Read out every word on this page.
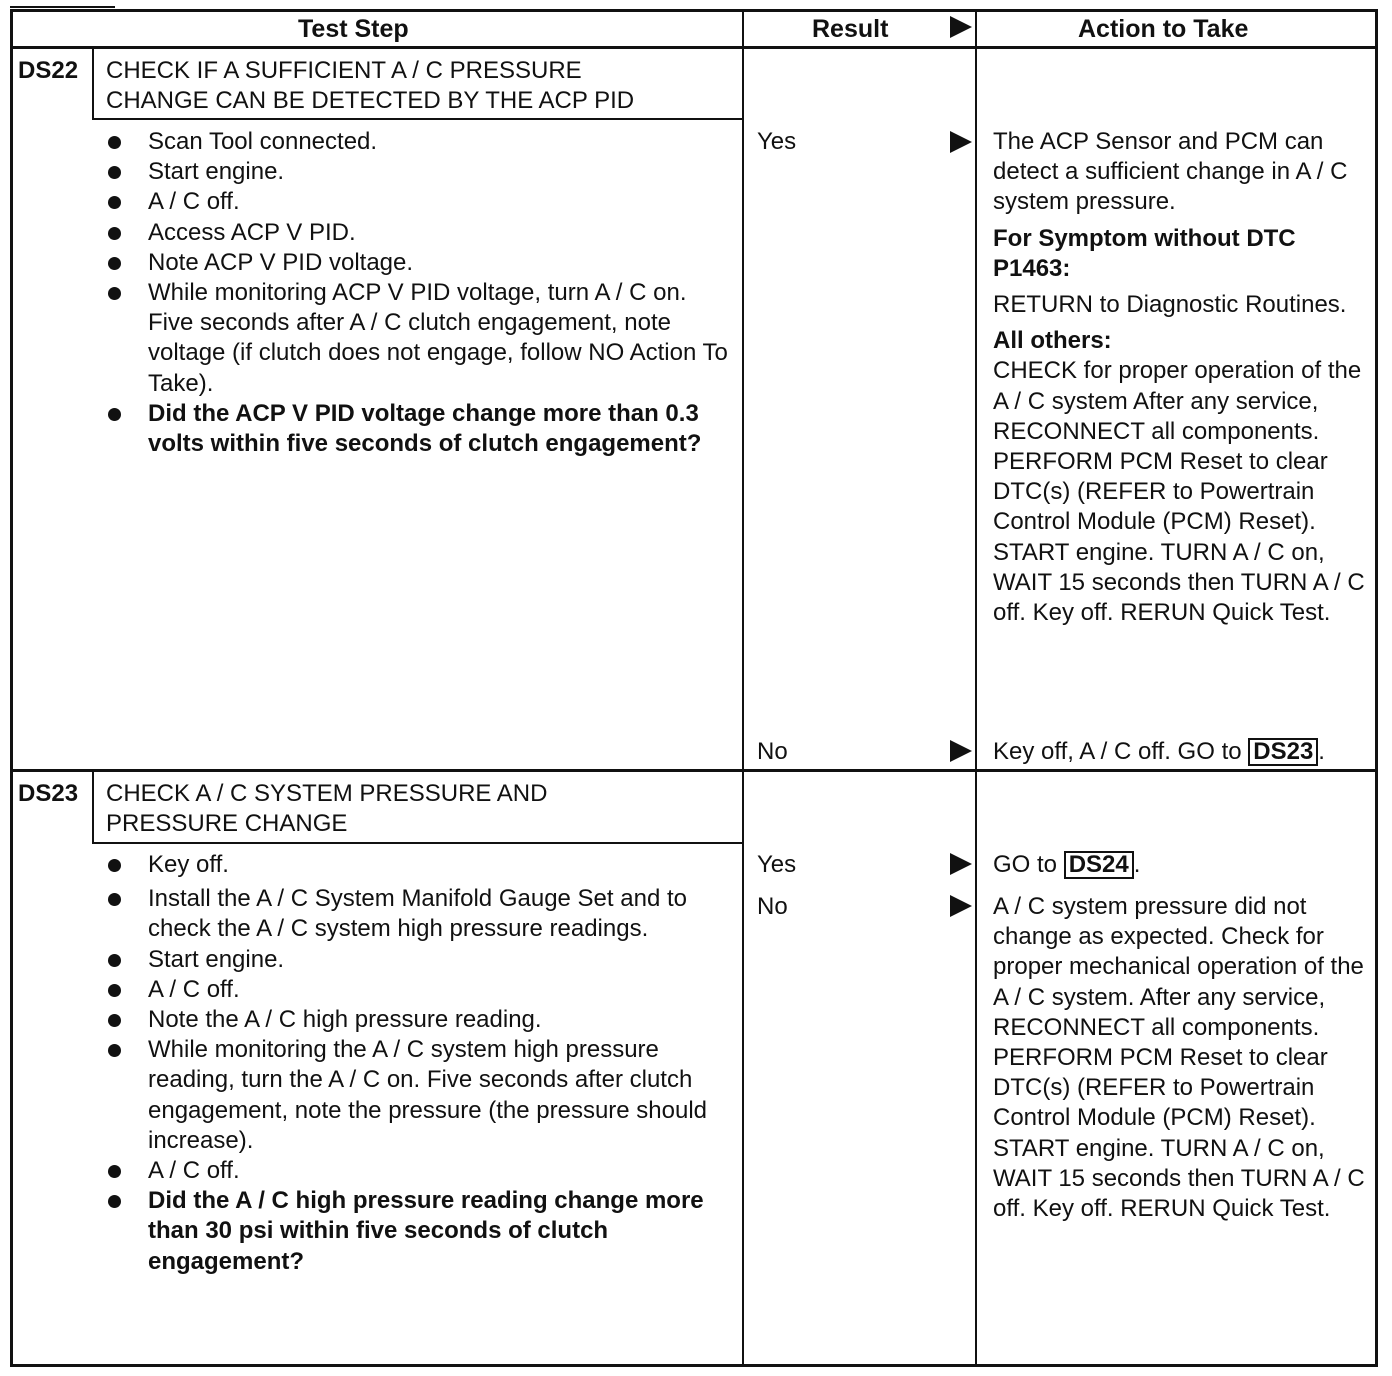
Test Step	Result	Action to Take
DS22 CHECK IF A SUFFICIENT A / C PRESSURE
CHANGE CAN BE DETECTED BY THE ACP PID
Scan Tool connected.
Start engine.
A / C off.
Access ACP V PID.
Note ACP V PID voltage.
While monitoring ACP V PID voltage, turn A / C on. Five seconds after A / C clutch engagement, note voltage (if clutch does not engage, follow NO Action To Take).
Did the ACP V PID voltage change more than 0.3 volts within five seconds of clutch engagement?
Yes
No
The ACP Sensor and PCM can detect a sufficient change in A / C system pressure.
For Symptom without DTC P1463:
RETURN to Diagnostic Routines.
All others:
CHECK for proper operation of the A / C system After any service, RECONNECT all components. PERFORM PCM Reset to clear DTC(s) (REFER to Powertrain Control Module (PCM) Reset). START engine. TURN A / C on, WAIT 15 seconds then TURN A / C off. Key off. RERUN Quick Test.
Key off, A / C off. GO to DS23 .
DS23 CHECK A / C SYSTEM PRESSURE AND
PRESSURE CHANGE
Key off.
Install the A / C System Manifold Gauge Set and to check the A / C system high pressure readings.
Start engine.
A / C off.
Note the A / C high pressure reading.
While monitoring the A / C system high pressure reading, turn the A / C on. Five seconds after clutch engagement, note the pressure (the pressure should increase).
A / C off.
Did the A / C high pressure reading change more than 30 psi within five seconds of clutch engagement?
Yes
No
GO to DS24 .
A / C system pressure did not change as expected. Check for proper mechanical operation of the A / C system. After any service, RECONNECT all components. PERFORM PCM Reset to clear DTC(s) (REFER to Powertrain Control Module (PCM) Reset). START engine. TURN A / C on, WAIT 15 seconds then TURN A / C off. Key off. RERUN Quick Test.
